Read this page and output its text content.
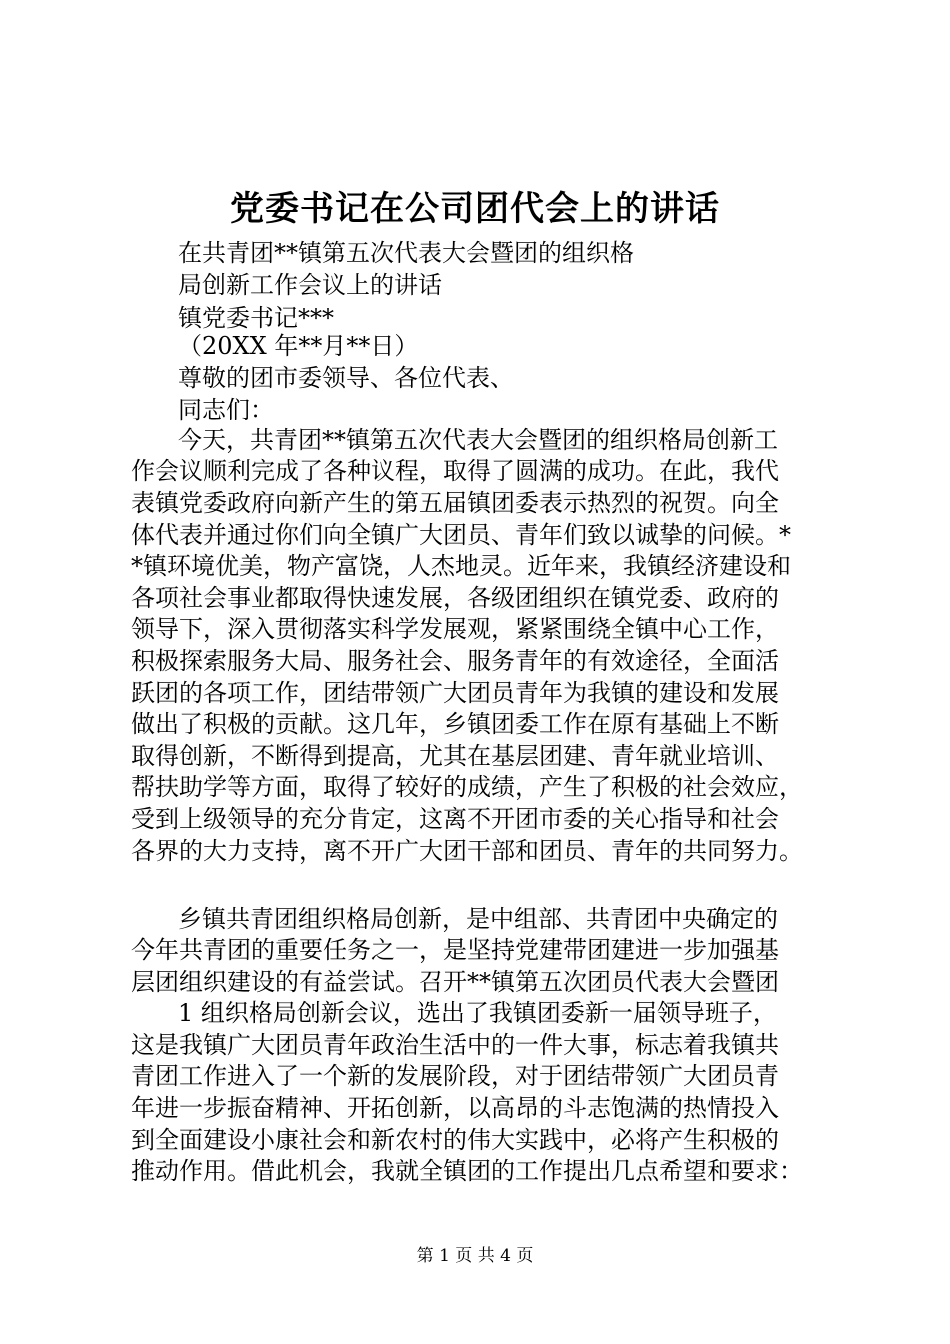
党委书记在公司团代会上的讲话

在共青团**镇第五次代表大会暨团的组织格

局创新工作会议上的讲话

镇党委书记***

（20XX 年**月**日）

尊敬的团市委领导、各位代表、

同志们：

今天，共青团**镇第五次代表大会暨团的组织格局创新工

作会议顺利完成了各种议程，取得了圆满的成功。在此，我代

表镇党委政府向新产生的第五届镇团委表示热烈的祝贺。向全

体代表并通过你们向全镇广大团员、青年们致以诚挚的问候。*

*镇环境优美，物产富饶，人杰地灵。近年来，我镇经济建设和

各项社会事业都取得快速发展，各级团组织在镇党委、政府的

领导下，深入贯彻落实科学发展观，紧紧围绕全镇中心工作，

积极探索服务大局、服务社会、服务青年的有效途径，全面活

跃团的各项工作，团结带领广大团员青年为我镇的建设和发展

做出了积极的贡献。这几年，乡镇团委工作在原有基础上不断

取得创新，不断得到提高，尤其在基层团建、青年就业培训、

帮扶助学等方面，取得了较好的成绩，产生了积极的社会效应，

受到上级领导的充分肯定，这离不开团市委的关心指导和社会

各界的大力支持，离不开广大团干部和团员、青年的共同努力。

乡镇共青团组织格局创新，是中组部、共青团中央确定的

今年共青团的重要任务之一，是坚持党建带团建进一步加强基

层团组织建设的有益尝试。召开**镇第五次团员代表大会暨团

1 组织格局创新会议，选出了我镇团委新一届领导班子，

这是我镇广大团员青年政治生活中的一件大事，标志着我镇共

青团工作进入了一个新的发展阶段，对于团结带领广大团员青

年进一步振奋精神、开拓创新，以高昂的斗志饱满的热情投入

到全面建设小康社会和新农村的伟大实践中，必将产生积极的

推动作用。借此机会，我就全镇团的工作提出几点希望和要求：

第 1 页 共 4 页
